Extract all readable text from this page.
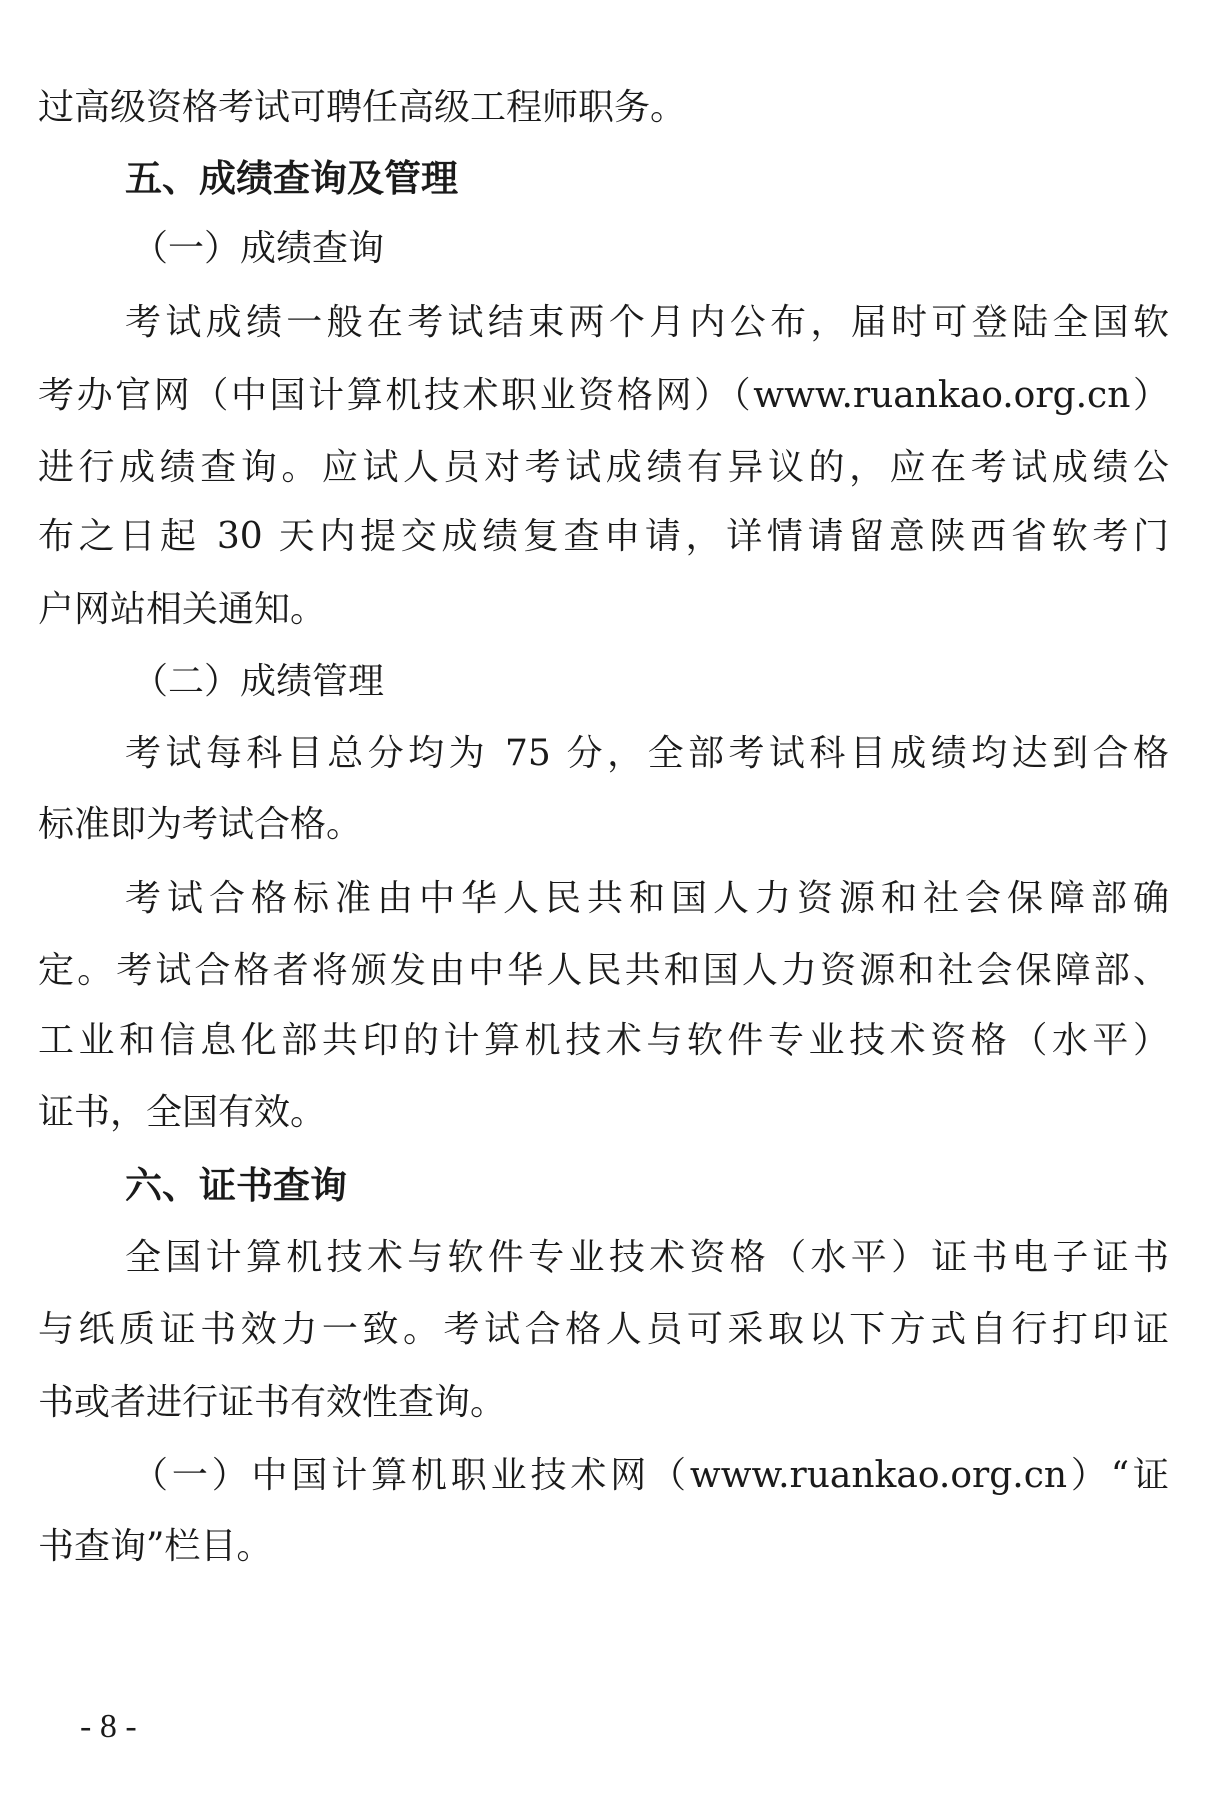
过高级资格考试可聘任高级工程师职务。
五、成绩查询及管理
（一）成绩查询
考试成绩一般在考试结束两个月内公布，届时可登陆全国软
考办官网（中国计算机技术职业资格网）（www.ruankao.org.cn）
进行成绩查询。应试人员对考试成绩有异议的，应在考试成绩公
布之日起 30 天内提交成绩复查申请，详情请留意陕西省软考门
户网站相关通知。
（二）成绩管理
考试每科目总分均为 75 分，全部考试科目成绩均达到合格
标准即为考试合格。
考试合格标准由中华人民共和国人力资源和社会保障部确
定。考试合格者将颁发由中华人民共和国人力资源和社会保障部、
工业和信息化部共印的计算机技术与软件专业技术资格（水平）
证书，全国有效。
六、证书查询
全国计算机技术与软件专业技术资格（水平）证书电子证书
与纸质证书效力一致。考试合格人员可采取以下方式自行打印证
书或者进行证书有效性查询。
（一）中国计算机职业技术网（www.ruankao.org.cn）“证
书查询”栏目。
- 8 -
